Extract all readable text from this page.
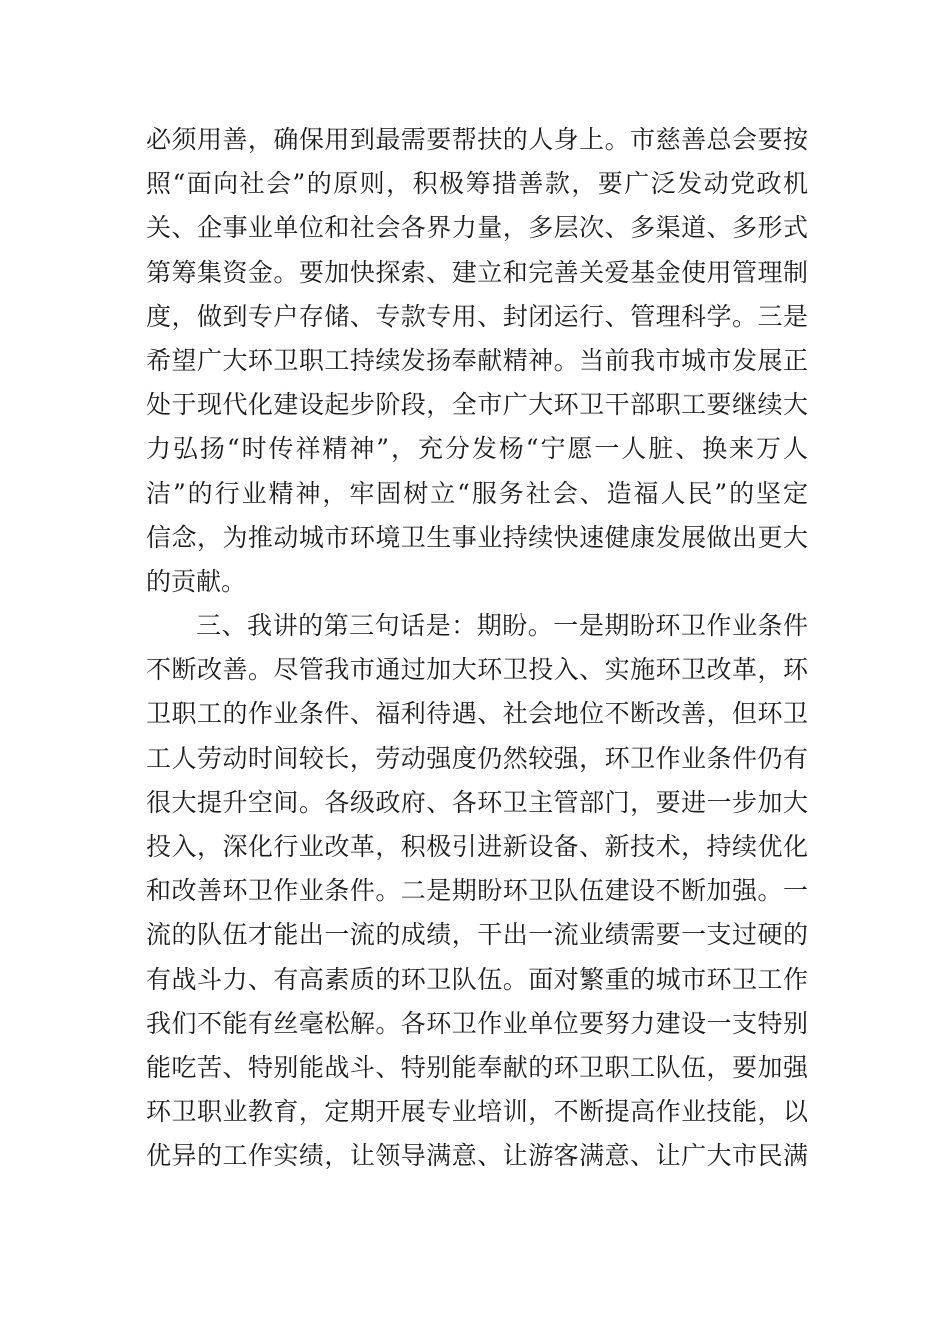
必须用善，确保用到最需要帮扶的人身上。市慈善总会要按
照“面向社会”的原则，积极筹措善款，要广泛发动党政机
关、企事业单位和社会各界力量，多层次、多渠道、多形式
第筹集资金。要加快探索、建立和完善关爱基金使用管理制
度，做到专户存储、专款专用、封闭运行、管理科学。三是
希望广大环卫职工持续发扬奉献精神。当前我市城市发展正
处于现代化建设起步阶段，全市广大环卫干部职工要继续大
力弘扬“时传祥精神”，充分发杨“宁愿一人脏、换来万人
洁”的行业精神，牢固树立“服务社会、造福人民”的坚定
信念，为推动城市环境卫生事业持续快速健康发展做出更大
的贡献。
三、我讲的第三句话是：期盼。一是期盼环卫作业条件
不断改善。尽管我市通过加大环卫投入、实施环卫改革，环
卫职工的作业条件、福利待遇、社会地位不断改善，但环卫
工人劳动时间较长，劳动强度仍然较强，环卫作业条件仍有
很大提升空间。各级政府、各环卫主管部门，要进一步加大
投入，深化行业改革，积极引进新设备、新技术，持续优化
和改善环卫作业条件。二是期盼环卫队伍建设不断加强。一
流的队伍才能出一流的成绩，干出一流业绩需要一支过硬的
有战斗力、有高素质的环卫队伍。面对繁重的城市环卫工作
我们不能有丝毫松解。各环卫作业单位要努力建设一支特别
能吃苦、特别能战斗、特别能奉献的环卫职工队伍，要加强
环卫职业教育，定期开展专业培训，不断提高作业技能，以
优异的工作实绩，让领导满意、让游客满意、让广大市民满
